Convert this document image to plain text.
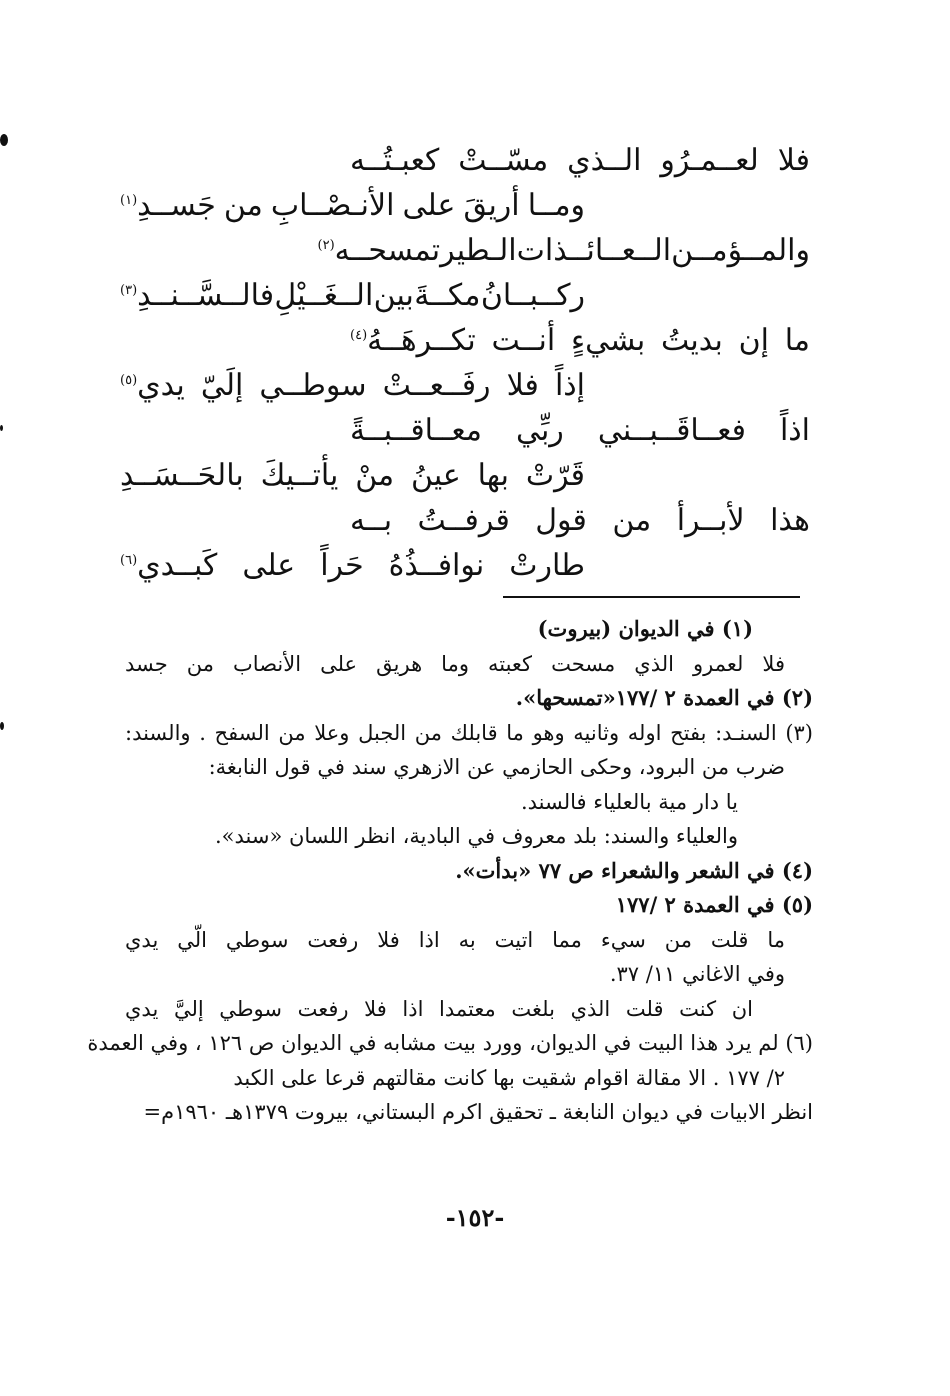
فلا
لعــمـرُو
الــذي
مسّــتْ
كعبـتُــه
ومــا
أريقَ
على
الأنـصْــابِ
من
جَســدِ$^{(١)}$
والمــؤمــن
الــعــائــذات
الـطير
تمسحــه$^{(٢)}$
ركــبــانُ
مكــةَ
بين
الــغَــيْلِ
فالــسَّــنــدِ$^{(٣)}$
ما
إن
بديتُ
بشيءٍ
أنــت
تكــرهَــهُ$^{(٤)}$
إذاً
فلا
رفَــعــتْ
سوطــي
إلَيّ
يدي$^{(٥)}$
اذاً
فعــاقَــبــني
ربِّي
معــاقــبــةً
قَرّتْ
بها
عينُ
منْ
يأتــيكَ
بالحَــسَــدِ
هذا
لأبــرأ
من
قول
قرفــتُ
بــه
طارتْ
نوافــذُهُ
حَراً
على
كَبــدي$^{(٦)}$
(١) في الديوان (بيروت)
فلا لعمرو الذي مسحت كعبته وما هريق على الأنصاب من جسد
(٢) في العمدة ٢ /١٧٧«تمسحها».
(٣) السنـد: بفتح اوله وثانيه وهو ما قابلك من الجبل وعلا من السفح . والسند:
ضرب من البرود، وحكى الحازمي عن الازهري سند في قول النابغة:
يا دار مية بالعلياء فالسند.
والعلياء والسند: بلد معروف في البادية، انظر اللسان «سند».
(٤) في الشعر والشعراء ص ٧٧ «بدأت».
(٥) في العمدة ٢ /١٧٧
ما قلت من سيء مما اتيت به اذا فلا رفعت سوطي الّي يدي
وفي الاغاني ١١/ ٣٧.
ان كنت قلت الذي بلغت معتمدا اذا فلا رفعت سوطي إليَّ يدي
(٦) لم يرد هذا البيت في الديوان، وورد بيت مشابه في الديوان ص ١٢٦ ، وفي العمدة
٢/ ١٧٧ . الا مقالة اقوام شقيت بها كانت مقالتهم قرعا على الكبد
انظر الابيات في ديوان النابغة ـ تحقيق اكرم البستاني، بيروت ١٣٧٩هـ ١٩٦٠م=
-١٥٢-
